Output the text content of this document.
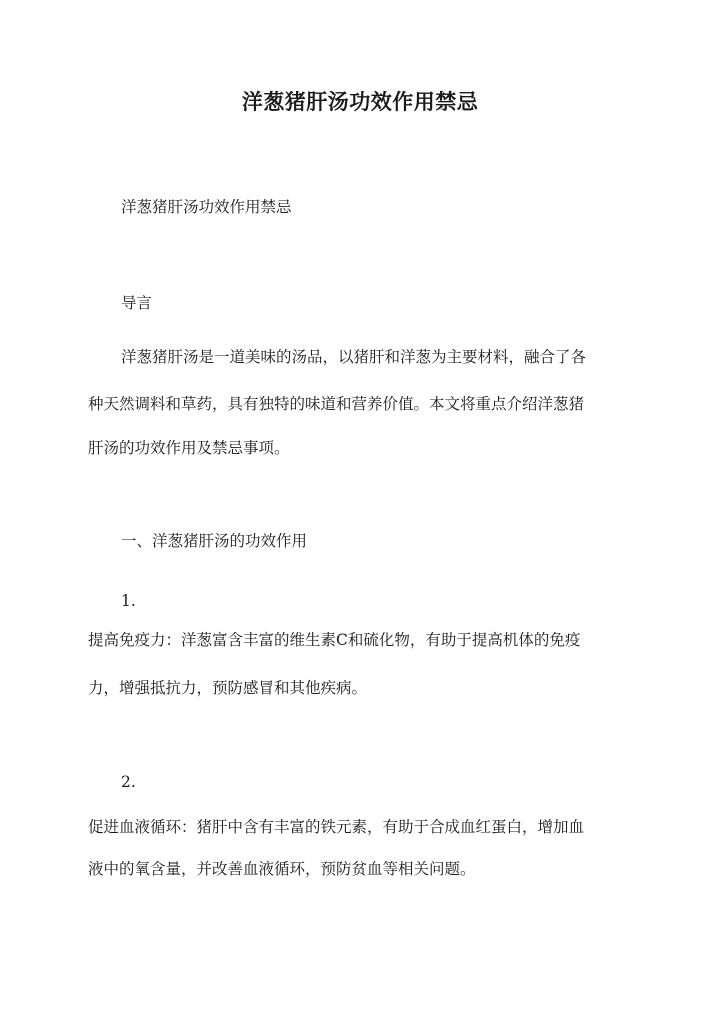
洋葱猪肝汤功效作用禁忌

洋葱猪肝汤功效作用禁忌

导言

洋葱猪肝汤是一道美味的汤品，以猪肝和洋葱为主要材料，融合了各

种天然调料和草药，具有独特的味道和营养价值。本文将重点介绍洋葱猪

肝汤的功效作用及禁忌事项。

一、洋葱猪肝汤的功效作用

1.

提高免疫力：洋葱富含丰富的维生素C和硫化物，有助于提高机体的免疫

力，增强抵抗力，预防感冒和其他疾病。

2.

促进血液循环：猪肝中含有丰富的铁元素，有助于合成血红蛋白，增加血

液中的氧含量，并改善血液循环，预防贫血等相关问题。
